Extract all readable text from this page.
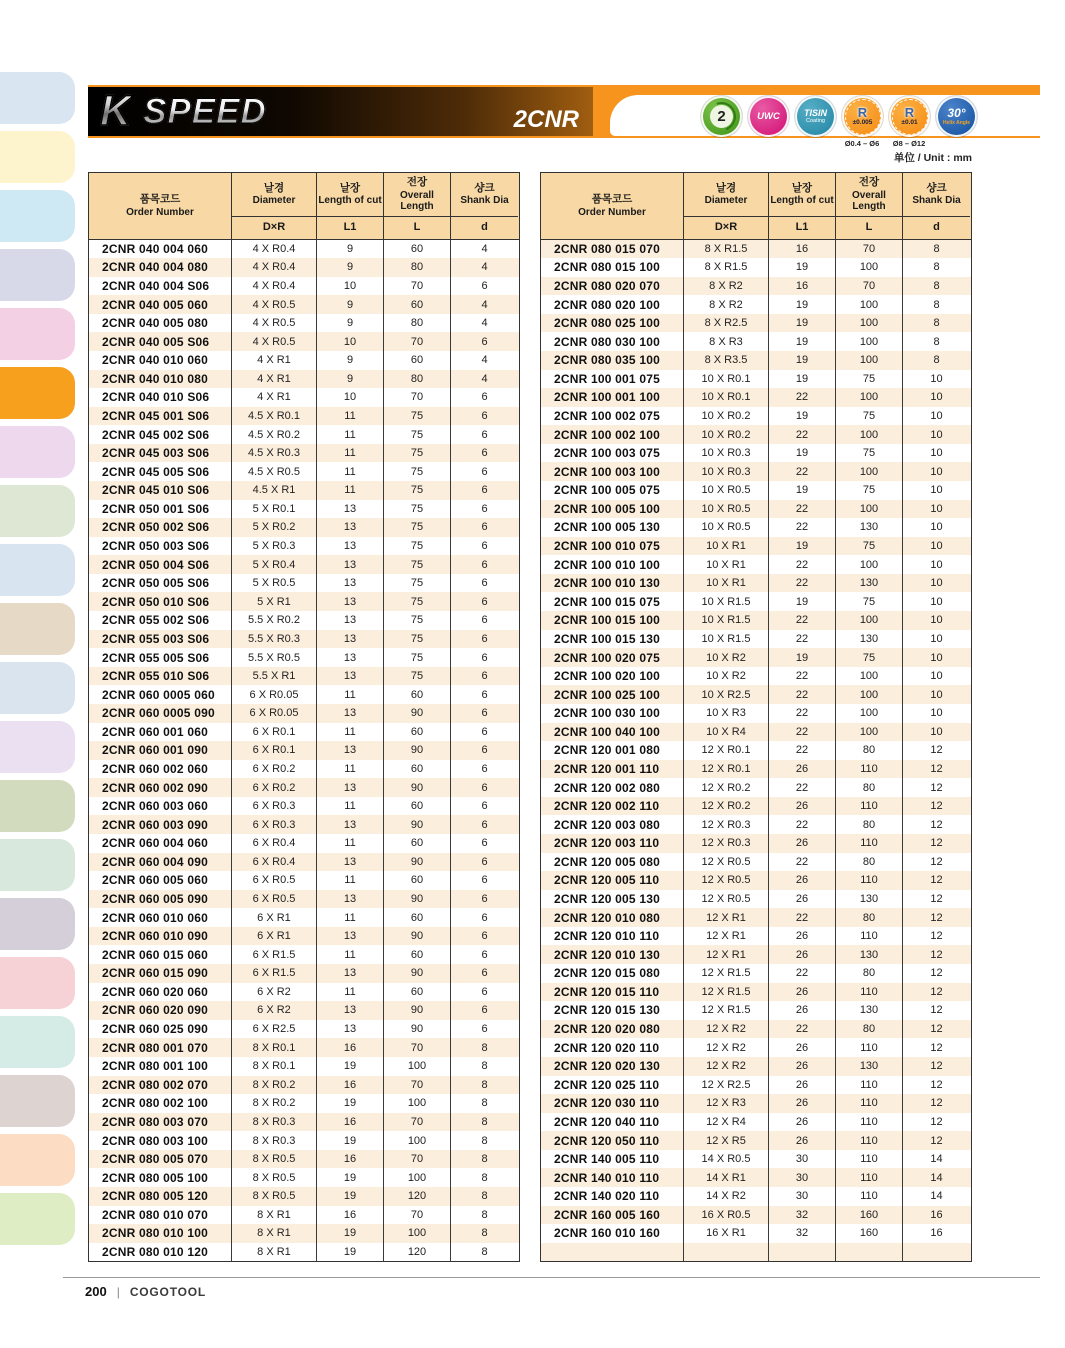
K SPEED	2CNR	2	UWC	TISIN
Coating
R
±0.005
R
±0.01
30°
Helix Angle
Ø0.4 – Ø6	Ø8 – Ø12
单位 / Unit : mm
품목코드
Order Number
날경
Diameter
D×R
날장
Length of cut
L1
전장
Overall Length
L
샹크
Shank Dia
d
2CNR 040 004 060	4 X R0.4	9	60	4
2CNR 040 004 080	4 X R0.4	9	80	4
2CNR 040 004 S06	4 X R0.4	10	70	6
2CNR 040 005 060	4 X R0.5	9	60	4
2CNR 040 005 080	4 X R0.5	9	80	4
2CNR 040 005 S06	4 X R0.5	10	70	6
2CNR 040 010 060	4 X R1	9	60	4
2CNR 040 010 080	4 X R1	9	80	4
2CNR 040 010 S06	4 X R1	10	70	6
2CNR 045 001 S06	4.5 X R0.1	11	75	6
2CNR 045 002 S06	4.5 X R0.2	11	75	6
2CNR 045 003 S06	4.5 X R0.3	11	75	6
2CNR 045 005 S06	4.5 X R0.5	11	75	6
2CNR 045 010 S06	4.5 X R1	11	75	6
2CNR 050 001 S06	5 X R0.1	13	75	6
2CNR 050 002 S06	5 X R0.2	13	75	6
2CNR 050 003 S06	5 X R0.3	13	75	6
2CNR 050 004 S06	5 X R0.4	13	75	6
2CNR 050 005 S06	5 X R0.5	13	75	6
2CNR 050 010 S06	5 X R1	13	75	6
2CNR 055 002 S06	5.5 X R0.2	13	75	6
2CNR 055 003 S06	5.5 X R0.3	13	75	6
2CNR 055 005 S06	5.5 X R0.5	13	75	6
2CNR 055 010 S06	5.5 X R1	13	75	6
2CNR 060 0005 060	6 X R0.05	11	60	6
2CNR 060 0005 090	6 X R0.05	13	90	6
2CNR 060 001 060	6 X R0.1	11	60	6
2CNR 060 001 090	6 X R0.1	13	90	6
2CNR 060 002 060	6 X R0.2	11	60	6
2CNR 060 002 090	6 X R0.2	13	90	6
2CNR 060 003 060	6 X R0.3	11	60	6
2CNR 060 003 090	6 X R0.3	13	90	6
2CNR 060 004 060	6 X R0.4	11	60	6
2CNR 060 004 090	6 X R0.4	13	90	6
2CNR 060 005 060	6 X R0.5	11	60	6
2CNR 060 005 090	6 X R0.5	13	90	6
2CNR 060 010 060	6 X R1	11	60	6
2CNR 060 010 090	6 X R1	13	90	6
2CNR 060 015 060	6 X R1.5	11	60	6
2CNR 060 015 090	6 X R1.5	13	90	6
2CNR 060 020 060	6 X R2	11	60	6
2CNR 060 020 090	6 X R2	13	90	6
2CNR 060 025 090	6 X R2.5	13	90	6
2CNR 080 001 070	8 X R0.1	16	70	8
2CNR 080 001 100	8 X R0.1	19	100	8
2CNR 080 002 070	8 X R0.2	16	70	8
2CNR 080 002 100	8 X R0.2	19	100	8
2CNR 080 003 070	8 X R0.3	16	70	8
2CNR 080 003 100	8 X R0.3	19	100	8
2CNR 080 005 070	8 X R0.5	16	70	8
2CNR 080 005 100	8 X R0.5	19	100	8
2CNR 080 005 120	8 X R0.5	19	120	8
2CNR 080 010 070	8 X R1	16	70	8
2CNR 080 010 100	8 X R1	19	100	8
2CNR 080 010 120	8 X R1	19	120	8
품목코드
Order Number
날경
Diameter
D×R
날장
Length of cut
L1
전장
Overall Length
L
샹크
Shank Dia
d
2CNR 080 015 070	8 X R1.5	16	70	8
2CNR 080 015 100	8 X R1.5	19	100	8
2CNR 080 020 070	8 X R2	16	70	8
2CNR 080 020 100	8 X R2	19	100	8
2CNR 080 025 100	8 X R2.5	19	100	8
2CNR 080 030 100	8 X R3	19	100	8
2CNR 080 035 100	8 X R3.5	19	100	8
2CNR 100 001 075	10 X R0.1	19	75	10
2CNR 100 001 100	10 X R0.1	22	100	10
2CNR 100 002 075	10 X R0.2	19	75	10
2CNR 100 002 100	10 X R0.2	22	100	10
2CNR 100 003 075	10 X R0.3	19	75	10
2CNR 100 003 100	10 X R0.3	22	100	10
2CNR 100 005 075	10 X R0.5	19	75	10
2CNR 100 005 100	10 X R0.5	22	100	10
2CNR 100 005 130	10 X R0.5	22	130	10
2CNR 100 010 075	10 X R1	19	75	10
2CNR 100 010 100	10 X R1	22	100	10
2CNR 100 010 130	10 X R1	22	130	10
2CNR 100 015 075	10 X R1.5	19	75	10
2CNR 100 015 100	10 X R1.5	22	100	10
2CNR 100 015 130	10 X R1.5	22	130	10
2CNR 100 020 075	10 X R2	19	75	10
2CNR 100 020 100	10 X R2	22	100	10
2CNR 100 025 100	10 X R2.5	22	100	10
2CNR 100 030 100	10 X R3	22	100	10
2CNR 100 040 100	10 X R4	22	100	10
2CNR 120 001 080	12 X R0.1	22	80	12
2CNR 120 001 110	12 X R0.1	26	110	12
2CNR 120 002 080	12 X R0.2	22	80	12
2CNR 120 002 110	12 X R0.2	26	110	12
2CNR 120 003 080	12 X R0.3	22	80	12
2CNR 120 003 110	12 X R0.3	26	110	12
2CNR 120 005 080	12 X R0.5	22	80	12
2CNR 120 005 110	12 X R0.5	26	110	12
2CNR 120 005 130	12 X R0.5	26	130	12
2CNR 120 010 080	12 X R1	22	80	12
2CNR 120 010 110	12 X R1	26	110	12
2CNR 120 010 130	12 X R1	26	130	12
2CNR 120 015 080	12 X R1.5	22	80	12
2CNR 120 015 110	12 X R1.5	26	110	12
2CNR 120 015 130	12 X R1.5	26	130	12
2CNR 120 020 080	12 X R2	22	80	12
2CNR 120 020 110	12 X R2	26	110	12
2CNR 120 020 130	12 X R2	26	130	12
2CNR 120 025 110	12 X R2.5	26	110	12
2CNR 120 030 110	12 X R3	26	110	12
2CNR 120 040 110	12 X R4	26	110	12
2CNR 120 050 110	12 X R5	26	110	12
2CNR 140 005 110	14 X R0.5	30	110	14
2CNR 140 010 110	14 X R1	30	110	14
2CNR 140 020 110	14 X R2	30	110	14
2CNR 160 005 160	16 X R0.5	32	160	16
2CNR 160 010 160	16 X R1	32	160	16
200 | COGOTOOL
